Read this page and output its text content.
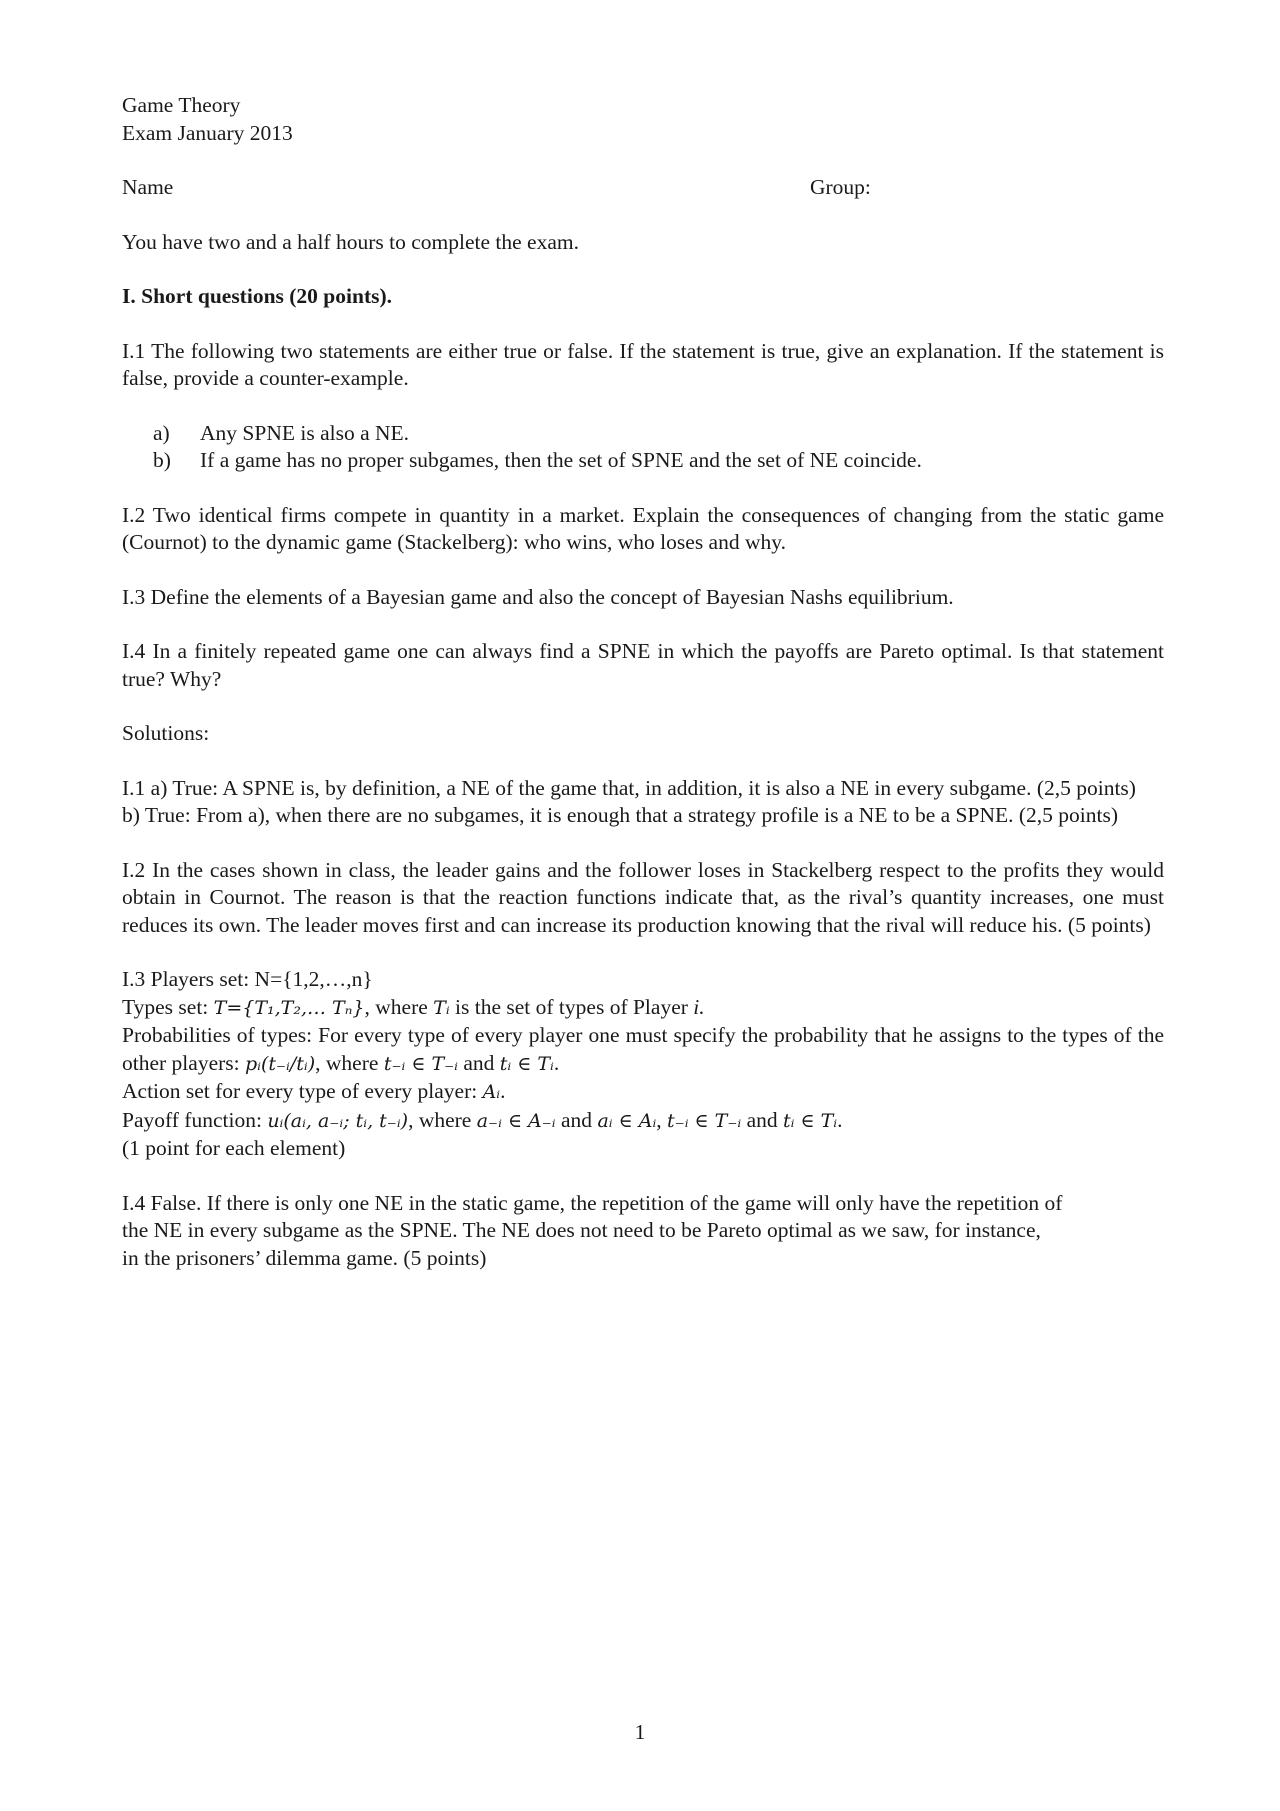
Game Theory

Exam January 2013

Name	Group:

You have two and a half hours to complete the exam.

I. Short questions (20 points).

I.1 The following two statements are either true or false. If the statement is true, give an explanation. If the statement is false, provide a counter-example.

a) Any SPNE is also a NE.
b) If a game has no proper subgames, then the set of SPNE and the set of NE coincide.

I.2 Two identical firms compete in quantity in a market. Explain the consequences of changing from the static game (Cournot) to the dynamic game (Stackelberg): who wins, who loses and why.

I.3 Define the elements of a Bayesian game and also the concept of Bayesian Nashs equilibrium.

I.4 In a finitely repeated game one can always find a SPNE in which the payoffs are Pareto optimal. Is that statement true? Why?

Solutions:

I.1 a) True: A SPNE is, by definition, a NE of the game that, in addition, it is also a NE in every subgame. (2,5 points)

b) True: From a), when there are no subgames, it is enough that a strategy profile is a NE to be a SPNE. (2,5 points)

I.2 In the cases shown in class, the leader gains and the follower loses in Stackelberg respect to the profits they would obtain in Cournot. The reason is that the reaction functions indicate that, as the rival’s quantity increases, one must reduces its own. The leader moves first and can increase its production knowing that the rival will reduce his. (5 points)

I.3 Players set: N={1,2,…,n}

Types set: T={T₁,T₂,… Tₙ}, where Tᵢ is the set of types of Player i.

Probabilities of types: For every type of every player one must specify the probability that he assigns to the types of the other players: pᵢ(t₋ᵢ/tᵢ), where t₋ᵢ ∈ T₋ᵢ and tᵢ ∈ Tᵢ.

Action set for every type of every player: Aᵢ.

Payoff function: uᵢ(aᵢ, a₋ᵢ; tᵢ, t₋ᵢ), where a₋ᵢ ∈ A₋ᵢ and aᵢ ∈ Aᵢ, t₋ᵢ ∈ T₋ᵢ and tᵢ ∈ Tᵢ.

(1 point for each element)

I.4 False. If there is only one NE in the static game, the repetition of the game will only have the repetition of

the NE in every subgame as the SPNE. The NE does not need to be Pareto optimal as we saw, for instance,

in the prisoners’ dilemma game. (5 points)

1
